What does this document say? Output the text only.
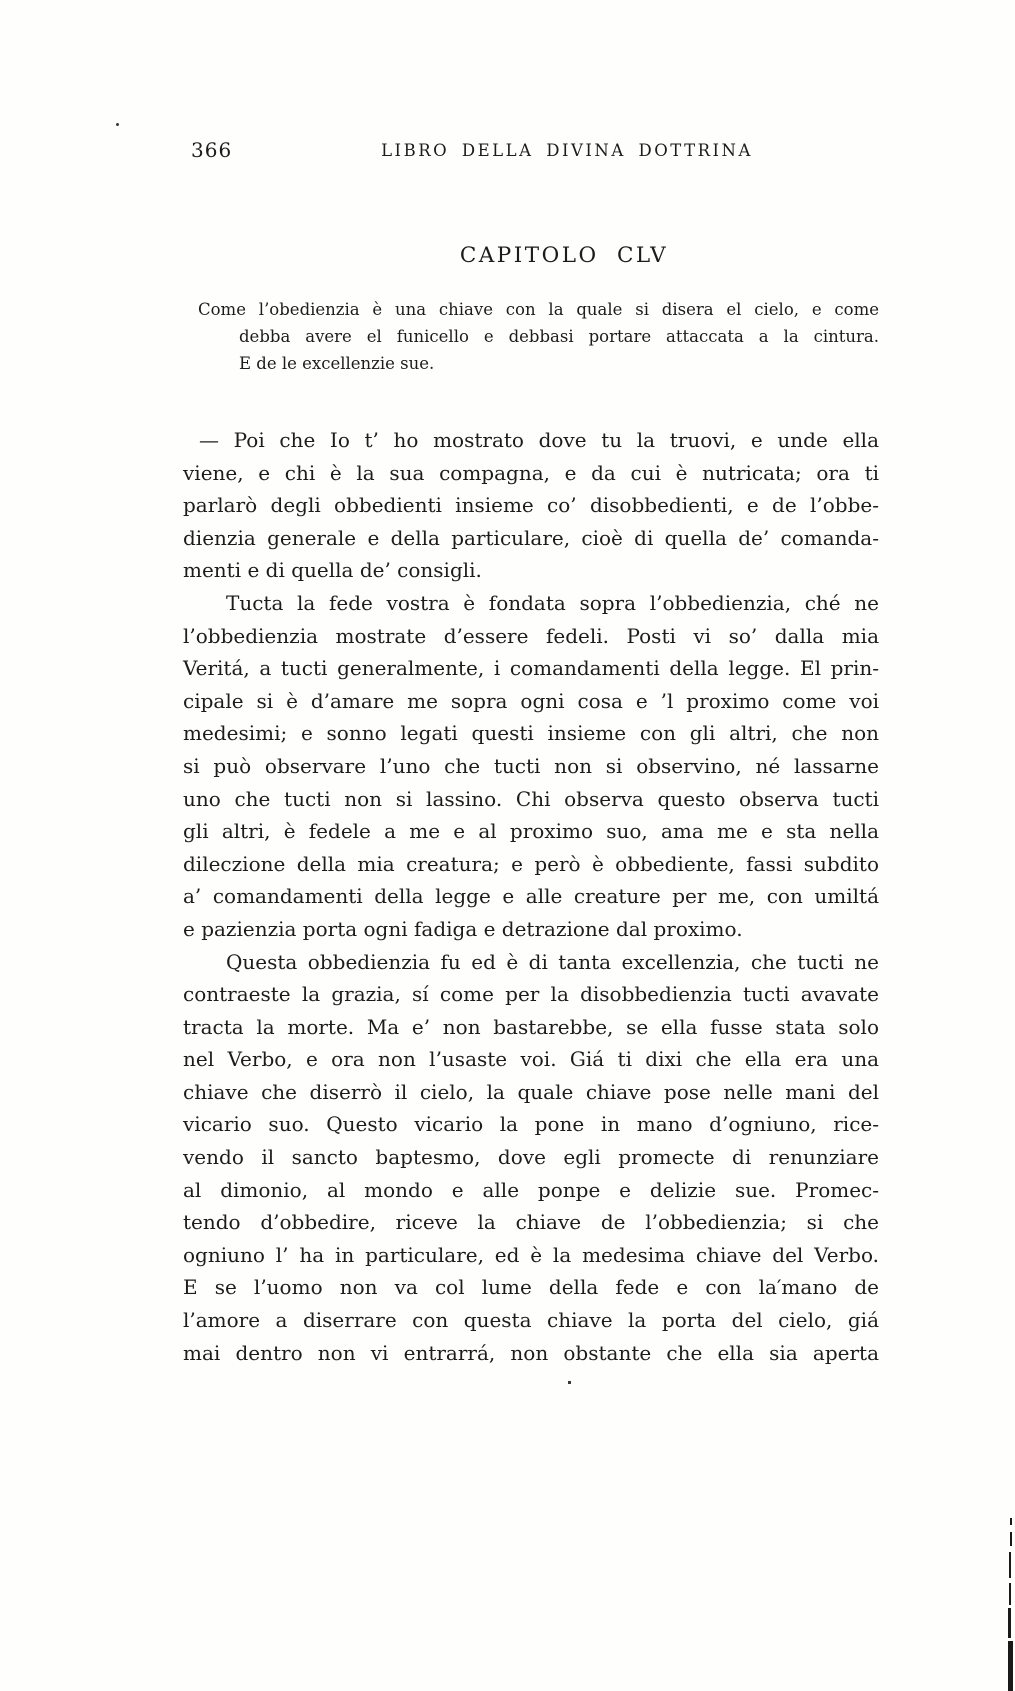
366	LIBRO DELLA DIVINA DOTTRINA
CAPITOLO CLV
Come l’obedienzia è una chiave con la quale si disera el cielo, e come
debba avere el funicello e debbasi portare attaccata a la cintura.
E de le excellenzie sue.
— Poi che Io t’ ho mostrato dove tu la truovi, e unde ella
viene, e chi è la sua compagna, e da cui è nutricata; ora ti
parlarò degli obbedienti insieme co’ disobbedienti, e de l’obbe-
dienzia generale e della particulare, cioè di quella de’ comanda-
menti e di quella de’ consigli.
Tucta la fede vostra è fondata sopra l’obbedienzia, ché ne
l’obbedienzia mostrate d’essere fedeli. Posti vi so’ dalla mia
Veritá, a tucti generalmente, i comandamenti della legge. El prin-
cipale si è d’amare me sopra ogni cosa e ’l proximo come voi
medesimi; e sonno legati questi insieme con gli altri, che non
si può observare l’uno che tucti non si observino, né lassarne
uno che tucti non si lassino. Chi observa questo observa tucti
gli altri, è fedele a me e al proximo suo, ama me e sta nella
dileczione della mia creatura; e però è obbediente, fassi subdito
a’ comandamenti della legge e alle creature per me, con umiltá
e pazienzia porta ogni fadiga e detrazione dal proximo.
Questa obbedienzia fu ed è di tanta excellenzia, che tucti ne
contraeste la grazia, sí come per la disobbedienzia tucti avavate
tracta la morte. Ma e’ non bastarebbe, se ella fusse stata solo
nel Verbo, e ora non l’usaste voi. Giá ti dixi che ella era una
chiave che diserrò il cielo, la quale chiave pose nelle mani del
vicario suo. Questo vicario la pone in mano d’ogniuno, rice-
vendo il sancto baptesmo, dove egli promecte di renunziare
al dimonio, al mondo e alle ponpe e delizie sue. Promec-
tendo d’obbedire, riceve la chiave de l’obbedienzia; si che
ogniuno l’ ha in particulare, ed è la medesima chiave del Verbo.
E se l’uomo non va col lume della fede e con la′mano de
l’amore a diserrare con questa chiave la porta del cielo, giá
mai dentro non vi entrarrá, non obstante che ella sia aperta
